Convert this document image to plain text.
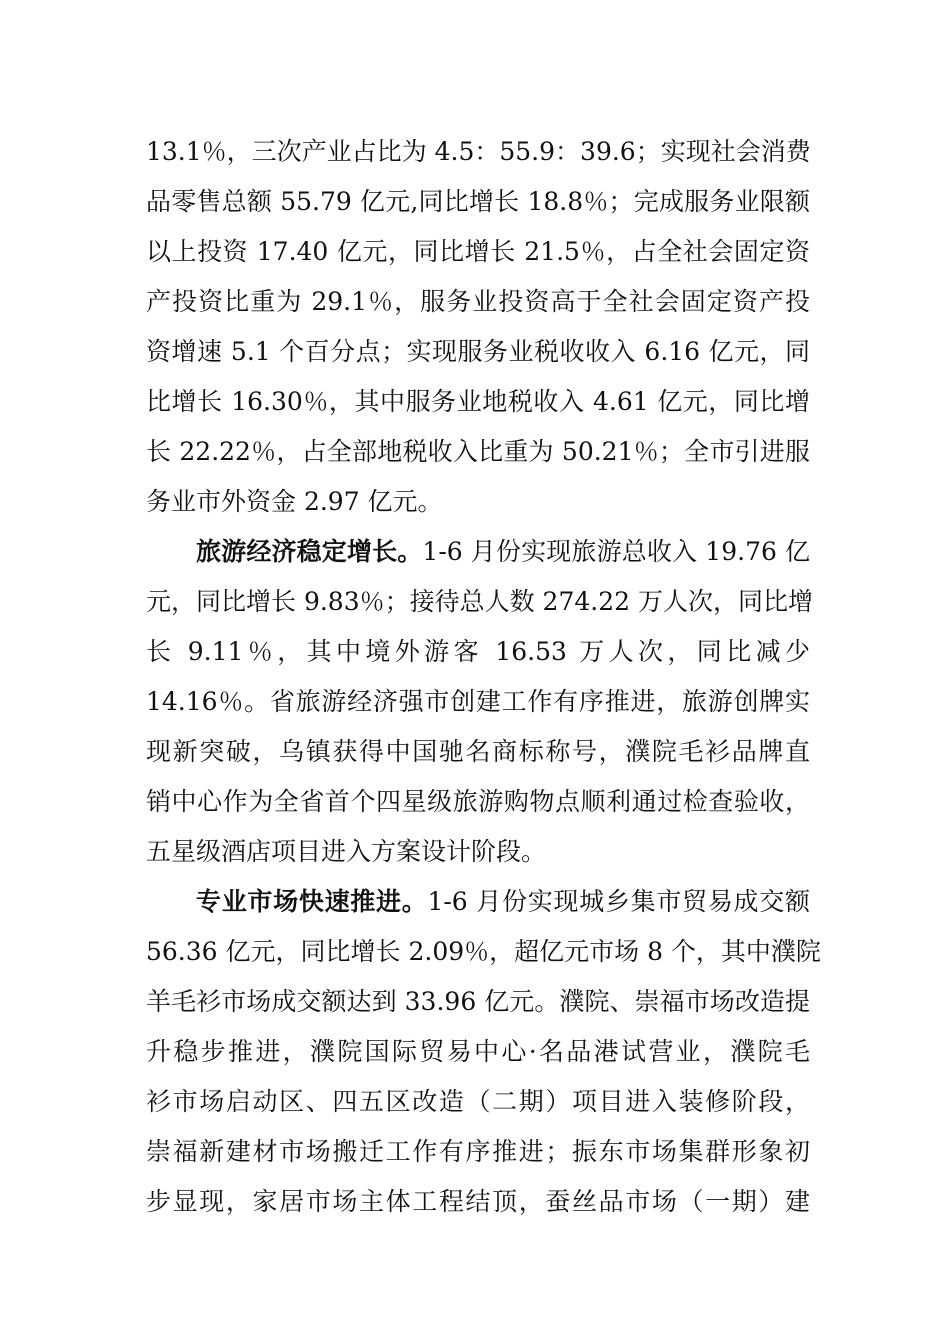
13.1％，三次产业占比为 4.5：55.9：39.6；实现社会消费
品零售总额 55.79 亿元,同比增长 18.8％；完成服务业限额
以上投资 17.40 亿元，同比增长 21.5％，占全社会固定资
产投资比重为 29.1％，服务业投资高于全社会固定资产投
资增速 5.1 个百分点；实现服务业税收收入 6.16 亿元，同
比增长 16.30％，其中服务业地税收入 4.61 亿元，同比增
长 22.22％，占全部地税收入比重为 50.21％；全市引进服
务业市外资金 2.97 亿元。
旅游经济稳定增长。1-6 月份实现旅游总收入 19.76 亿
元，同比增长 9.83％；接待总人数 274.22 万人次，同比增
长 9.11％，其中境外游客 16.53 万人次，同比减少
14.16％。省旅游经济强市创建工作有序推进，旅游创牌实
现新突破，乌镇获得中国驰名商标称号，濮院毛衫品牌直
销中心作为全省首个四星级旅游购物点顺利通过检查验收，
五星级酒店项目进入方案设计阶段。
专业市场快速推进。1-6 月份实现城乡集市贸易成交额
56.36 亿元，同比增长 2.09％，超亿元市场 8 个，其中濮院
羊毛衫市场成交额达到 33.96 亿元。濮院、崇福市场改造提
升稳步推进，濮院国际贸易中心·名品港试营业，濮院毛
衫市场启动区、四五区改造（二期）项目进入装修阶段，
崇福新建材市场搬迁工作有序推进；振东市场集群形象初
步显现，家居市场主体工程结顶，蚕丝品市场（一期）建
